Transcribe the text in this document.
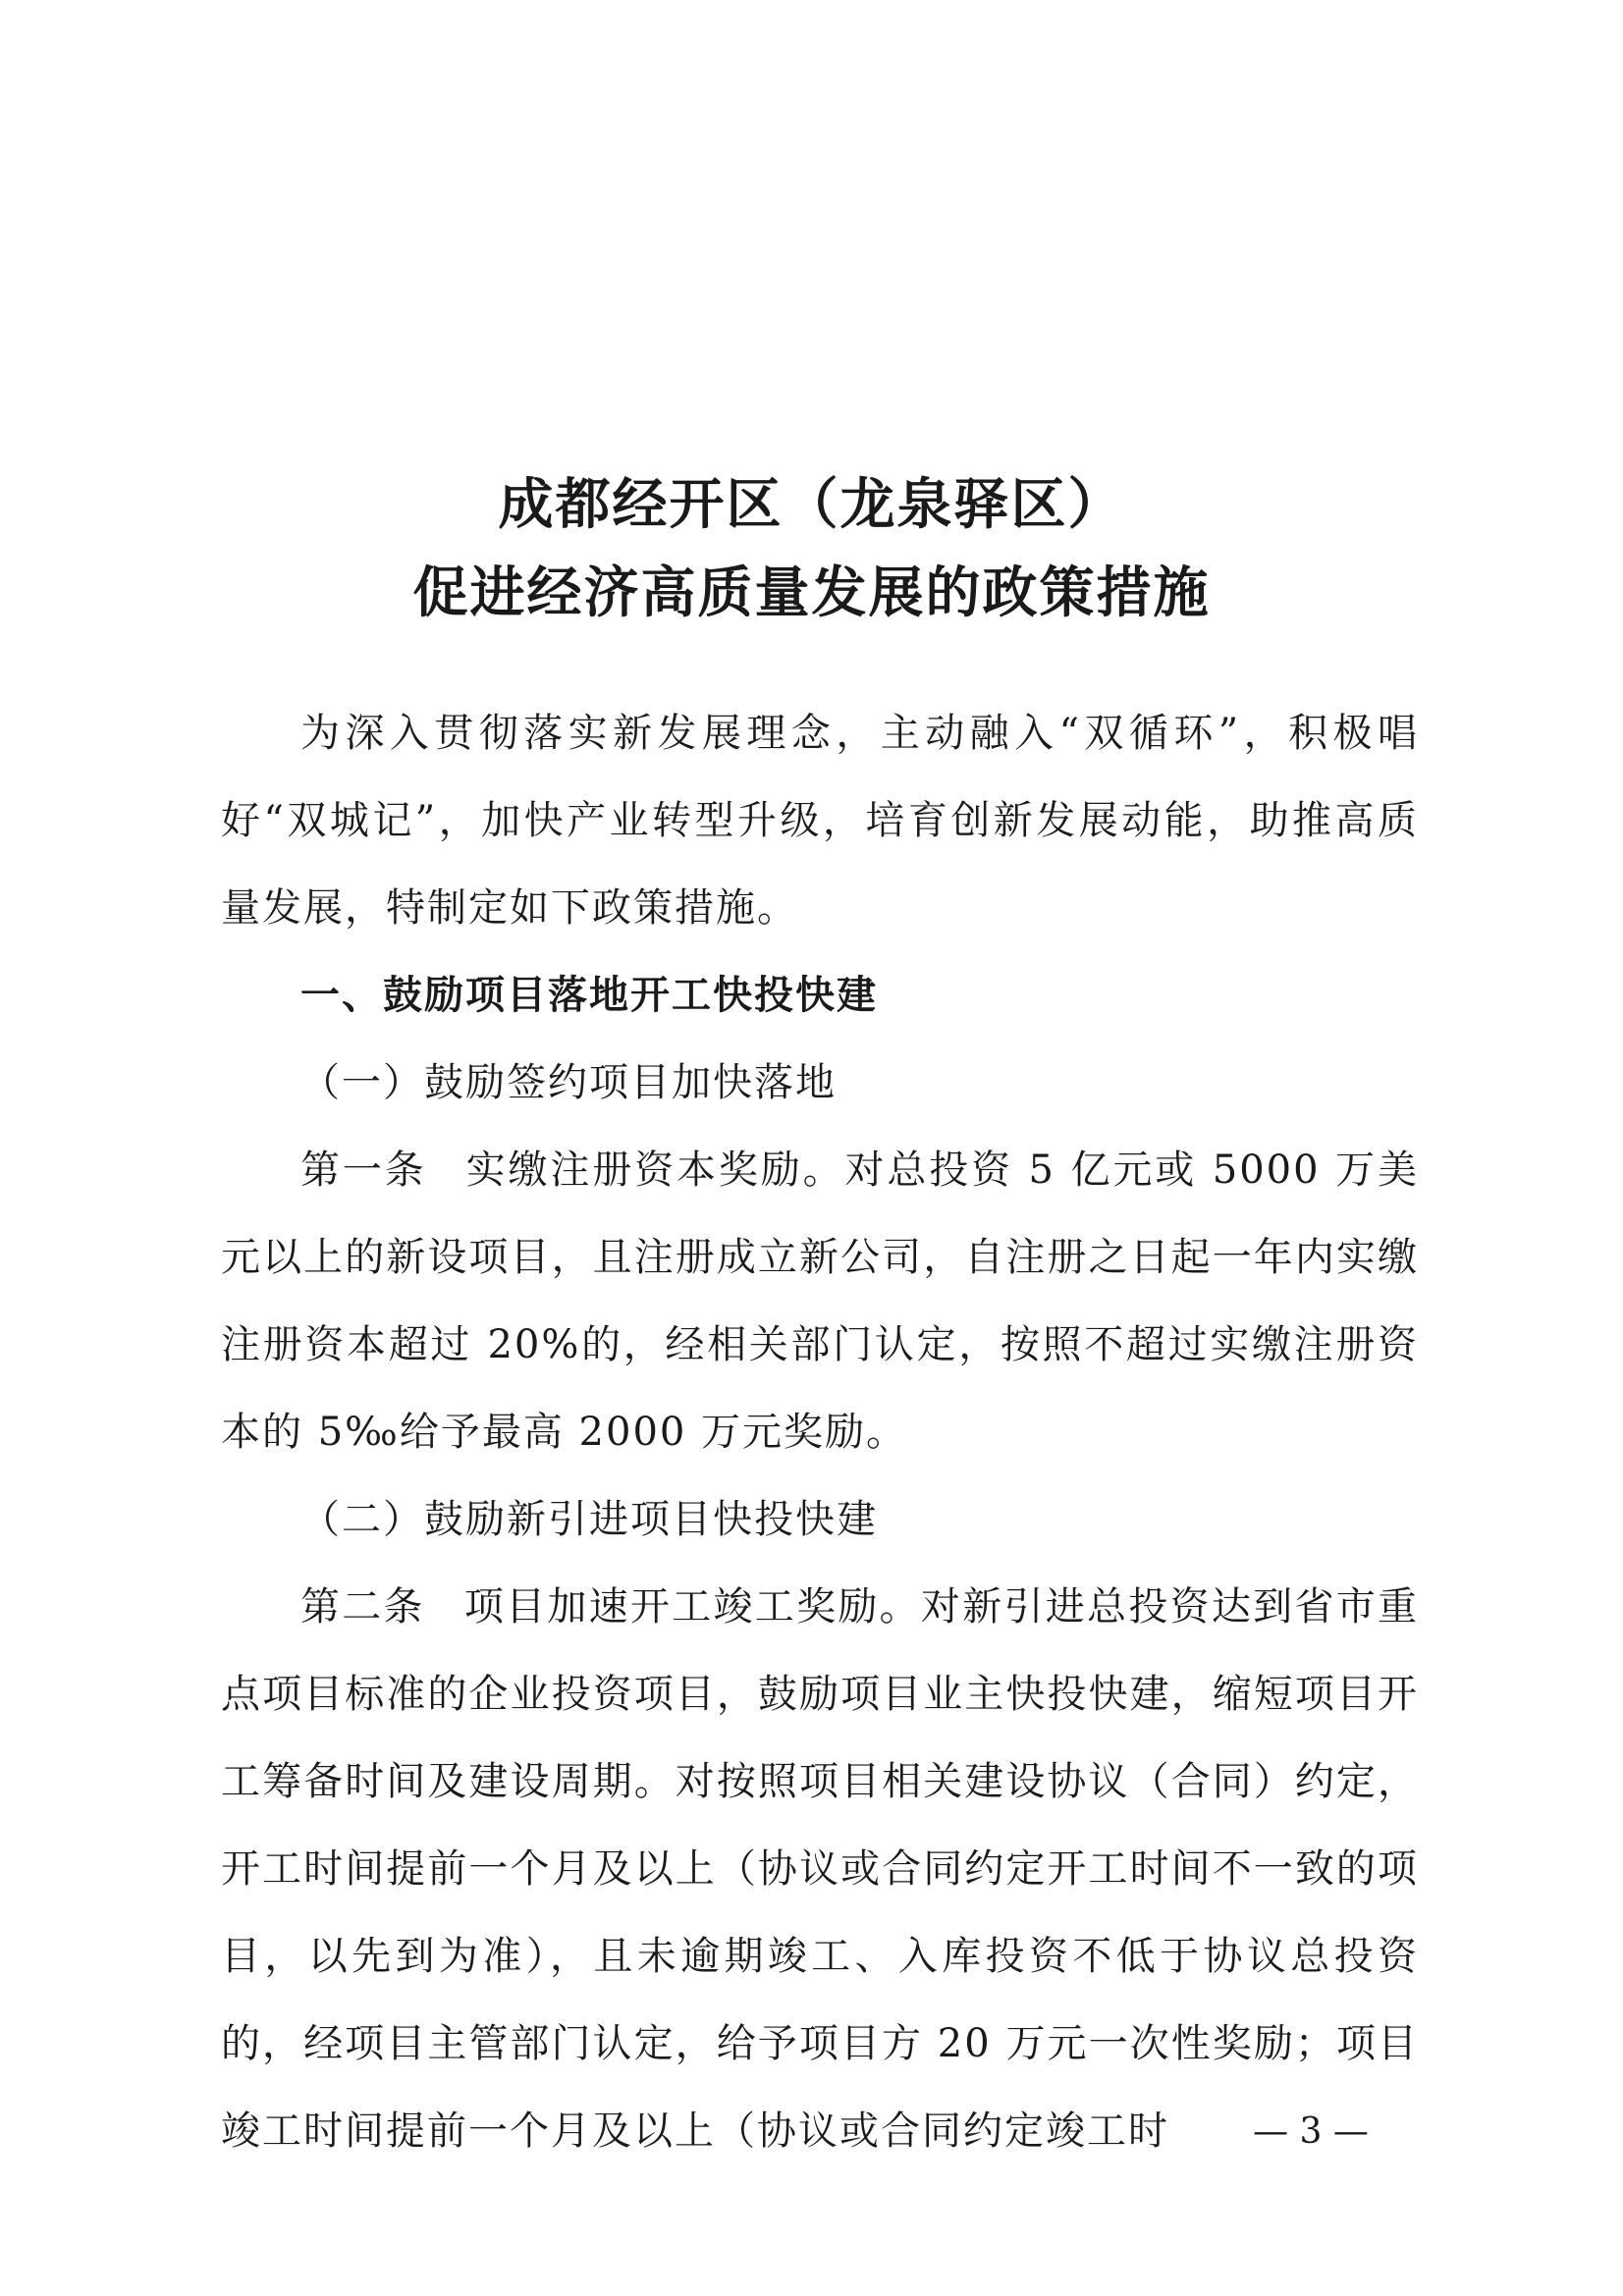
成都经开区（龙泉驿区）
促进经济高质量发展的政策措施

为深入贯彻落实新发展理念，主动融入“双循环”，积极唱好“双城记”，加快产业转型升级，培育创新发展动能，助推高质量发展，特制定如下政策措施。

一、鼓励项目落地开工快投快建

（一）鼓励签约项目加快落地

第一条 实缴注册资本奖励。对总投资 5 亿元或 5000 万美元以上的新设项目，且注册成立新公司，自注册之日起一年内实缴注册资本超过 20%的，经相关部门认定，按照不超过实缴注册资本的 5‰给予最高 2000 万元奖励。

（二）鼓励新引进项目快投快建

第二条 项目加速开工竣工奖励。对新引进总投资达到省市重点项目标准的企业投资项目，鼓励项目业主快投快建，缩短项目开工筹备时间及建设周期。对按照项目相关建设协议（合同）约定，开工时间提前一个月及以上（协议或合同约定开工时间不一致的项目，以先到为准），且未逾期竣工、入库投资不低于协议总投资的，经项目主管部门认定，给予项目方 20 万元一次性奖励；项目竣工时间提前一个月及以上（协议或合同约定竣工时	— 3 —
